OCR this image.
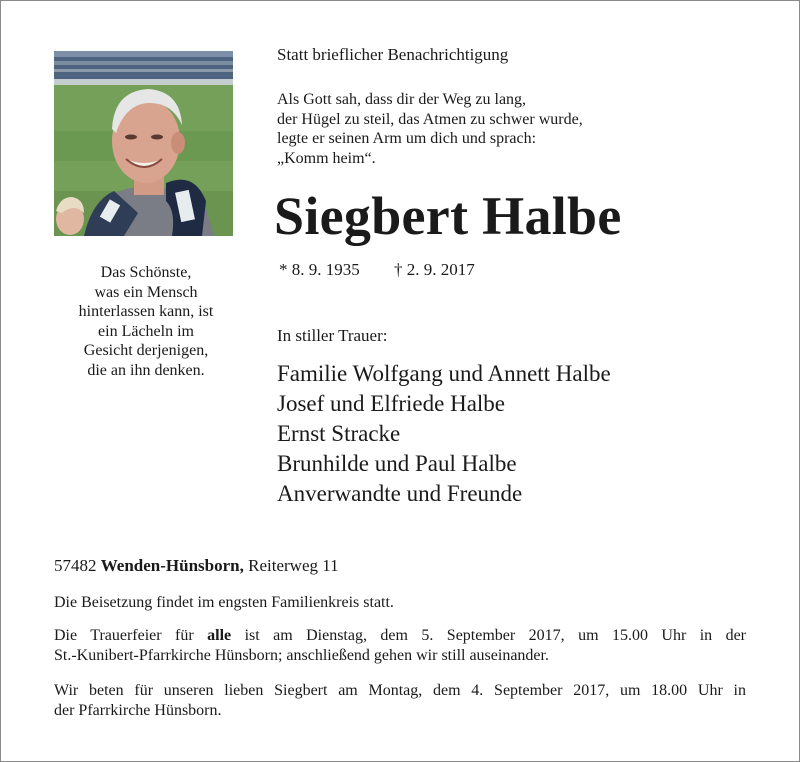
Das Schönste,
was ein Mensch
hinterlassen kann, ist
ein Lächeln im
Gesicht derjenigen,
die an ihn denken.
Statt brieflicher Benachrichtigung
Als Gott sah, dass dir der Weg zu lang,
der Hügel zu steil, das Atmen zu schwer wurde,
legte er seinen Arm um dich und sprach:
„Komm heim“.
Siegbert Halbe
* 8. 9. 1935 † 2. 9. 2017
In stiller Trauer:
Familie Wolfgang und Annett Halbe
Josef und Elfriede Halbe
Ernst Stracke
Brunhilde und Paul Halbe
Anverwandte und Freunde
57482 Wenden-Hünsborn, Reiterweg 11
Die Beisetzung findet im engsten Familienkreis statt.
Die Trauerfeier für alle ist am Dienstag, dem 5. September 2017, um 15.00 Uhr in der
St.-Kunibert-Pfarrkirche Hünsborn; anschließend gehen wir still auseinander.
Wir beten für unseren lieben Siegbert am Montag, dem 4. September 2017, um 18.00 Uhr in
der Pfarrkirche Hünsborn.
